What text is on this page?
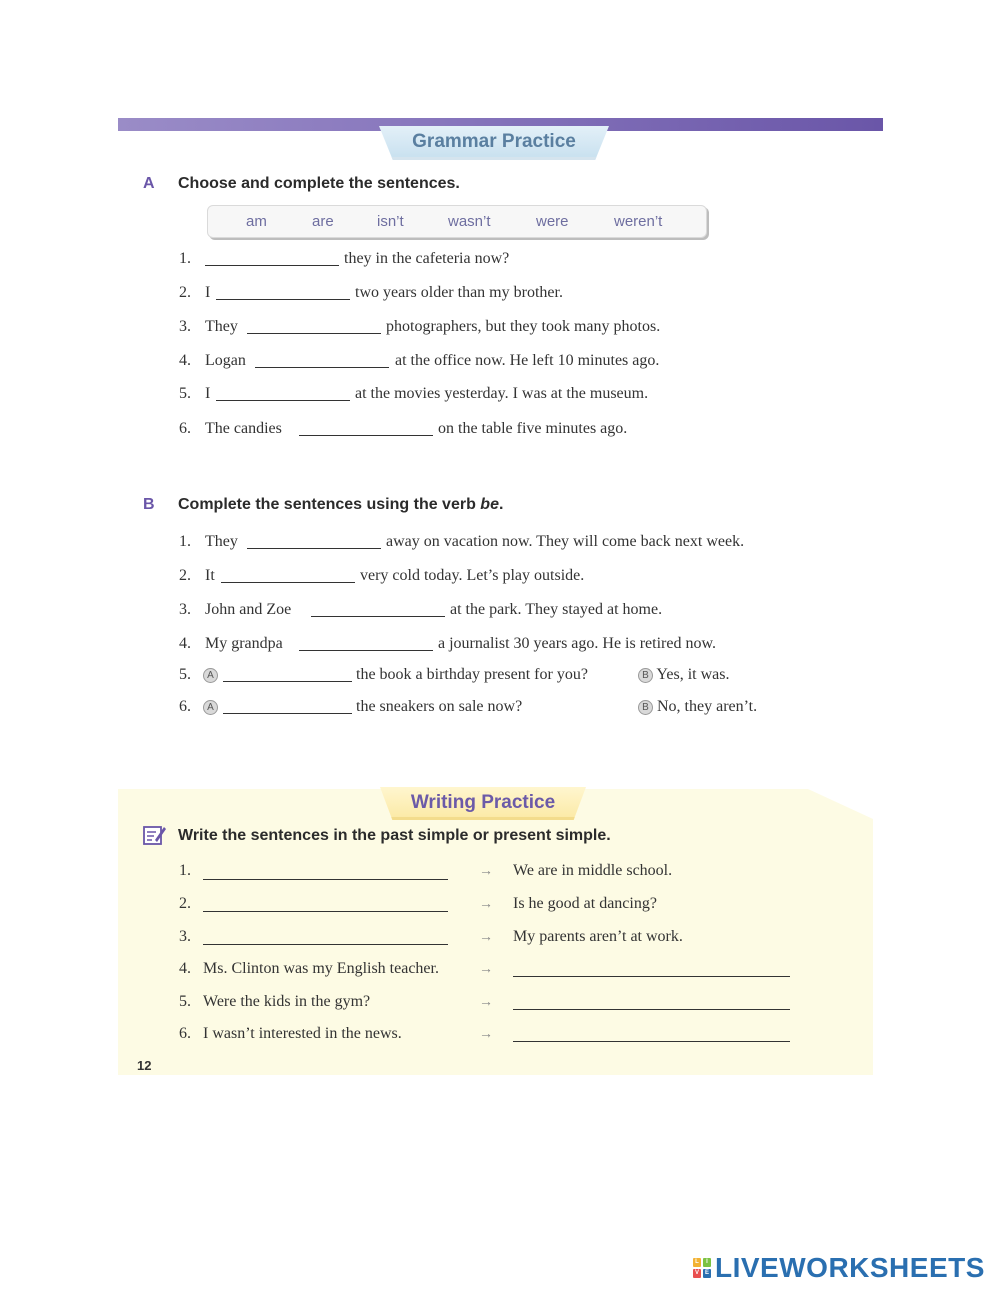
Grammar Practice
A Choose and complete the sentences.
am	are	isn’t	wasn’t	were	weren’t
1.	they in the cafeteria now?
2. I	two years older than my brother.
3. They	photographers, but they took many photos.
4. Logan	at the office now. He left 10 minutes ago.
5. I	at the movies yesterday. I was at the museum.
6. The candies	on the table five minutes ago.
B Complete the sentences using the verb be.
1. They	away on vacation now. They will come back next week.
2. It	very cold today. Let’s play outside.
3. John and Zoe	at the park. They stayed at home.
4. My grandpa	a journalist 30 years ago. He is retired now.
5.	A	the book a birthday present for you?	B Yes, it was.
6.	A	the sneakers on sale now?	B No, they aren’t.
Writing Practice
Write the sentences in the past simple or present simple.
1.	→ We are in middle school.
2.	→ Is he good at dancing?
3.	→ My parents aren’t at work.
4. Ms. Clinton was my English teacher.	→
5. Were the kids in the gym?	→
6. I wasn’t interested in the news.	→
12
L	I
V E LIVEWORKSHEETS
